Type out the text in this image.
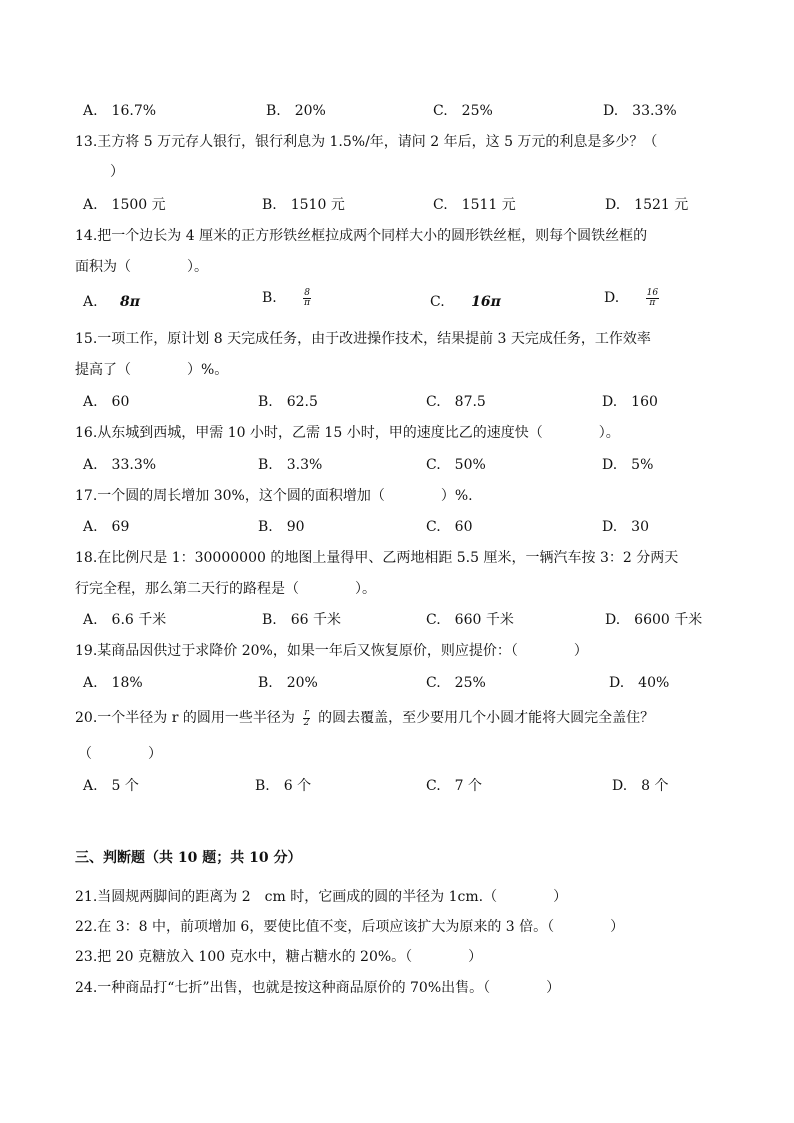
A.　16.7%	B.　20%	C.　25%	D.　33.3%
13.王方将 5 万元存人银行，银行利息为 1.5%/年，请问 2 年后，这 5 万元的利息是多少？（
）
A.　1500 元	B.　1510 元	C.　1511 元	D.　1521 元
14.把一个边长为 4 厘米的正方形铁丝框拉成两个同样大小的圆形铁丝框，则每个圆铁丝框的
面积为（　　　　）。
A. 8π	B.	$\frac{8}{\pi}$	C. 16π	D.	$\frac{16}{\pi}$
15.一项工作，原计划 8 天完成任务，由于改进操作技术，结果提前 3 天完成任务，工作效率
提高了（　　　　）%。
A.　60	B.　62.5	C.　87.5	D.　160
16.从东城到西城，甲需 10 小时，乙需 15 小时，甲的速度比乙的速度快（　　　　）。
A.　33.3%	B.　3.3%	C.　50%	D.　5%
17.一个圆的周长增加 30%，这个圆的面积增加（　　　　）%.
A.　69	B.　90	C.　60	D.　30
18.在比例尺是 1：30000000 的地图上量得甲、乙两地相距 5.5 厘米，一辆汽车按 3：2 分两天
行完全程，那么第二天行的路程是（　　　　）。
A.　6.6 千米	B.　66 千米	C.　660 千米	D.　6600 千米
19.某商品因供过于求降价 20%，如果一年后又恢复原价，则应提价：（　　　　）
A.　18%	B.　20%	C.　25%	D.　40%
20.一个半径为 r 的圆用一些半径为 $\frac{r}{2}$ 的圆去覆盖，至少要用几个小圆才能将大圆完全盖住？
（　　　　）
A.　5 个	B.　6 个	C.　7 个	D.　8 个
三、判断题（共 10 题；共 10 分）
21.当圆规两脚间的距离为 2　cm 时，它画成的圆的半径为 1cm.（　　　　）
22.在 3：8 中，前项增加 6，要使比值不变，后项应该扩大为原来的 3 倍。（　　　　）
23.把 20 克糖放入 100 克水中，糖占糖水的 20%。（　　　　）
24.一种商品打“七折”出售，也就是按这种商品原价的 70%出售。（　　　　）
